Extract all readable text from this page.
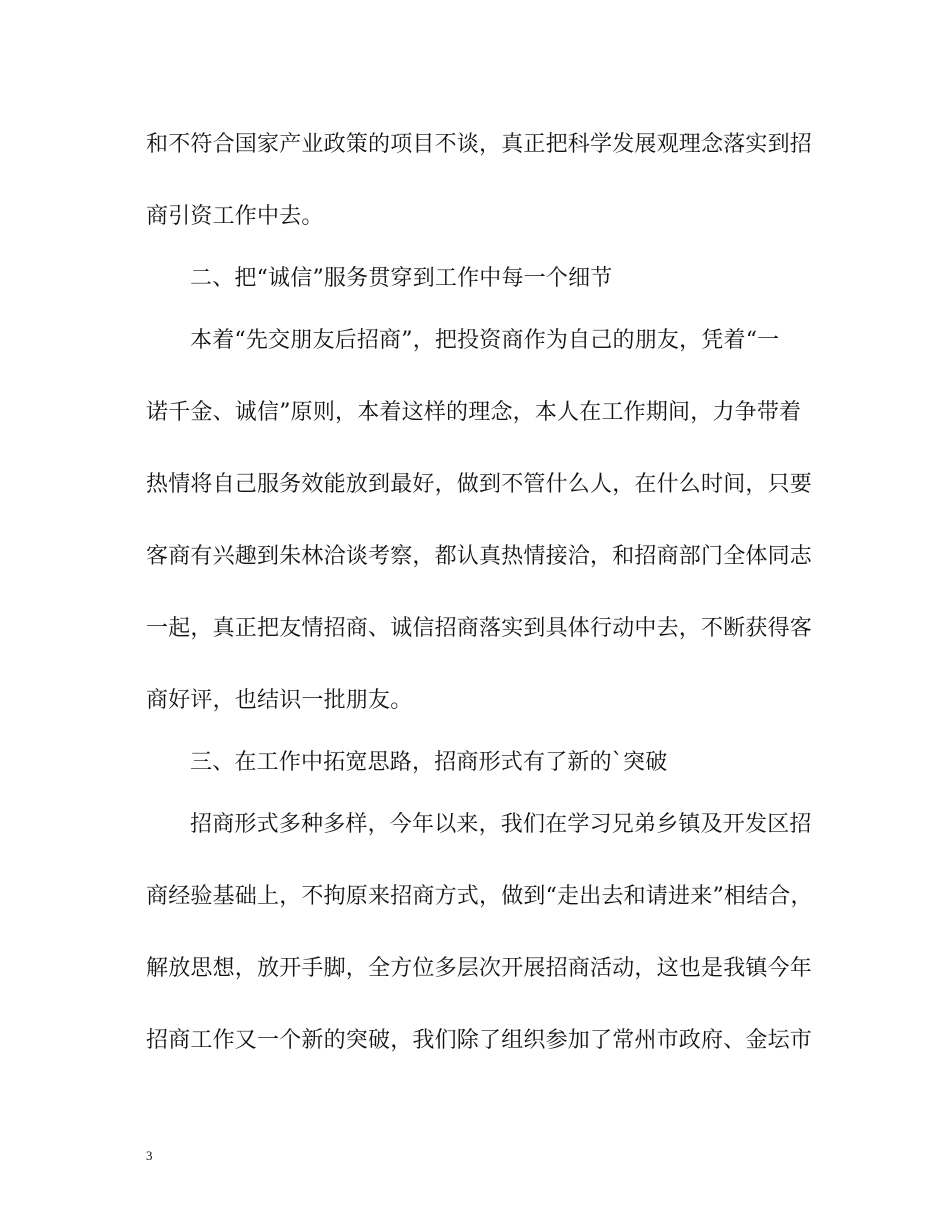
和不符合国家产业政策的项目不谈，真正把科学发展观理念落实到招
商引资工作中去。
二、把“诚信”服务贯穿到工作中每一个细节
本着“先交朋友后招商”，把投资商作为自己的朋友，凭着“一
诺千金、诚信”原则，本着这样的理念，本人在工作期间，力争带着
热情将自己服务效能放到最好，做到不管什么人，在什么时间，只要
客商有兴趣到朱林洽谈考察，都认真热情接洽，和招商部门全体同志
一起，真正把友情招商、诚信招商落实到具体行动中去，不断获得客
商好评，也结识一批朋友。
三、在工作中拓宽思路，招商形式有了新的`突破
招商形式多种多样，今年以来，我们在学习兄弟乡镇及开发区招
商经验基础上，不拘原来招商方式，做到“走出去和请进来”相结合，
解放思想，放开手脚，全方位多层次开展招商活动，这也是我镇今年
招商工作又一个新的突破，我们除了组织参加了常州市政府、金坛市
3
